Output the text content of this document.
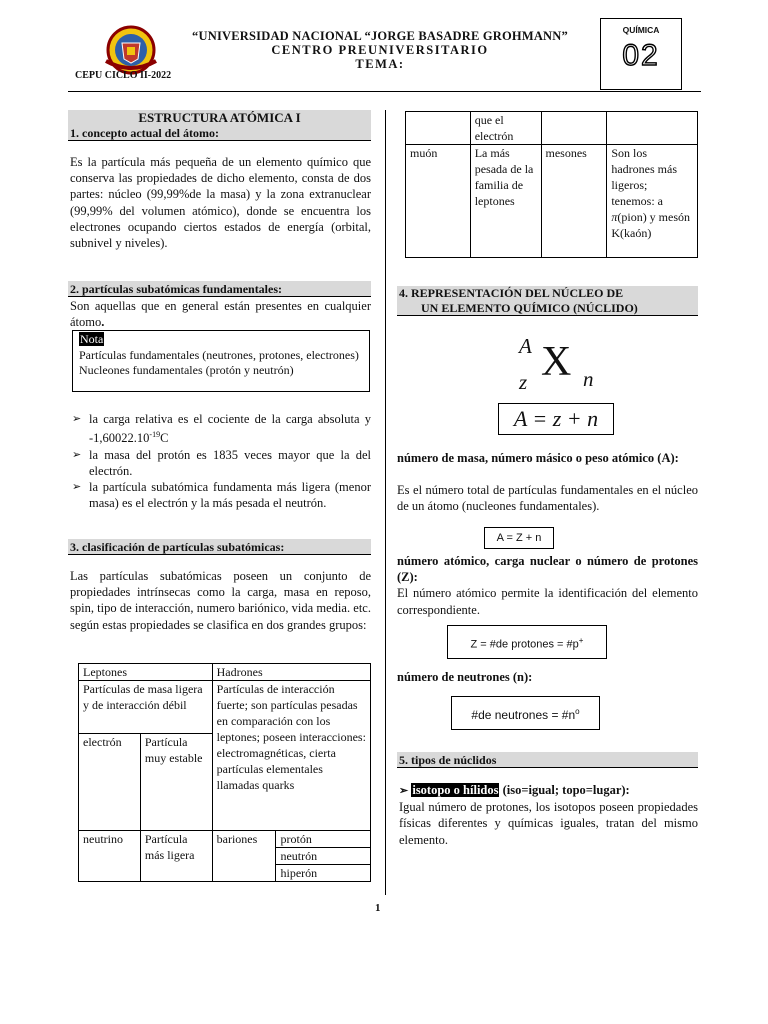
CEPU CICLO II-2022
“UNIVERSIDAD NACIONAL “JORGE BASADRE GROHMANN”
CENTRO PREUNIVERSITARIO
TEMA:
QUÍMICA
02
ESTRUCTURA ATÓMICA I
1. concepto actual del átomo:

Es la partícula más pequeña de un elemento químico que conserva las propiedades de dicho elemento, consta de dos partes: núcleo (99,99%de la masa) y la zona extranuclear (99,99% del volumen atómico), donde se encuentra los electrones ocupando ciertos estados de energía (orbital, subnivel y niveles).

2. partículas subatómicas fundamentales:

Son aquellas que en general están presentes en cualquier átomo.

Nota
Partículas fundamentales (neutrones, protones, electrones)
Nucleones fundamentales (protón y neutrón)
➢ la carga relativa es el cociente de la carga absoluta y $-1,60022.10^{-19}C$
➢ la masa del protón es 1835 veces mayor que la del electrón.
➢ la partícula subatómica fundamenta más ligera (menor masa) es el electrón y la más pesada el neutrón.
3. clasificación de partículas subatómicas:

Las partículas subatómicas poseen un conjunto de propiedades intrínsecas como la carga, masa en reposo, spin, tipo de interacción, numero bariónico, vida media. etc. según estas propiedades se clasifica en dos grandes grupos:

Leptones		Hadrones	
Partículas de masa ligera y de interacción débil		Partículas de interacción fuerte; son partículas pesadas en comparación con los leptones; poseen interacciones: electromagnéticas, cierta partículas elementales llamadas quarks	
electrón	Partícula muy estable		
neutrino	Partícula más ligera	bariones	protón
			neutrón
			hiperón
	que el electrón		
muón	La más pesada de la familia de leptones	mesones	Son los hadrones más ligeros; tenemos: a π(pion) y mesón K(kaón)
4. REPRESENTACIÓN DEL NÚCLEO DE
UN ELEMENTO QUÍMICO (NÚCLIDO)
A X
z	n
A = z + n

número de masa, número másico o peso atómico (A):

Es el número total de partículas fundamentales en el núcleo de un átomo (nucleones fundamentales).

A = Z + n

número atómico, carga nuclear o número de protones (Z):

El número atómico permite la identificación del elemento correspondiente.

Z = #de protones = #p+

número de neutrones (n):

#de neutrones = $\#n^o$
5. tipos de núclidos

➢ isotopo o hílidos (iso=igual; topo=lugar):

Igual número de protones, los isotopos poseen propiedades físicas diferentes y químicas iguales, tratan del mismo elemento.

1
